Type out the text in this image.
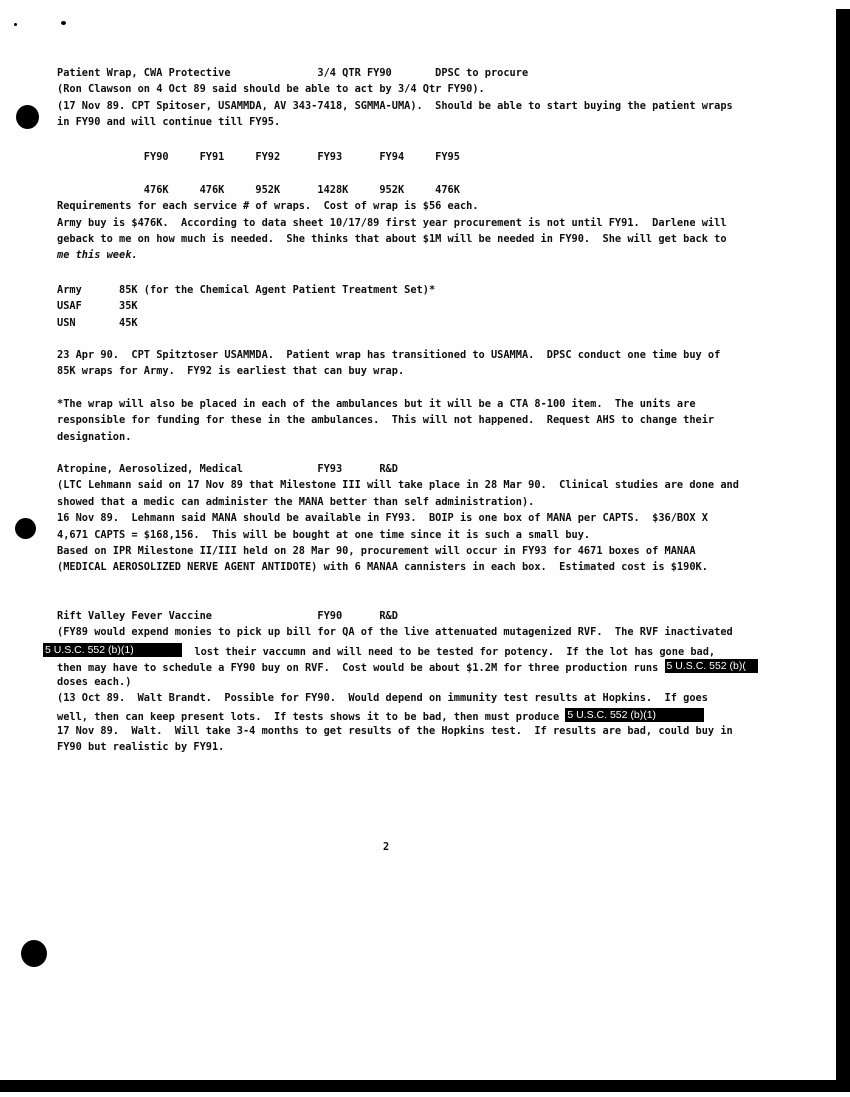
Patient Wrap, CWA Protective              3/4 QTR FY90       DPSC to procure
(Ron Clawson on 4 Oct 89 said should be able to act by 3/4 Qtr FY90).
(17 Nov 89. CPT Spitoser, USAMMDA, AV 343-7418, SGMMA-UMA).  Should be able to start buying the patient wraps
in FY90 and will continue till FY95.
FY90     FY91     FY92      FY93      FY94     FY95
476K     476K     952K      1428K     952K     476K
Requirements for each service # of wraps.  Cost of wrap is $56 each.
Army buy is $476K.  According to data sheet 10/17/89 first year procurement is not until FY91.  Darlene will
geback to me on how much is needed.  She thinks that about $1M will be needed in FY90.  She will get back to
me this week.
Army      85K (for the Chemical Agent Patient Treatment Set)*
USAF      35K
USN       45K
23 Apr 90.  CPT Spitztoser USAMMDA.  Patient wrap has transitioned to USAMMA.  DPSC conduct one time buy of
85K wraps for Army.  FY92 is earliest that can buy wrap.
*The wrap will also be placed in each of the ambulances but it will be a CTA 8-100 item.  The units are
responsible for funding for these in the ambulances.  This will not happened.  Request AHS to change their
designation.
Atropine, Aerosolized, Medical            FY93      R&D
(LTC Lehmann said on 17 Nov 89 that Milestone III will take place in 28 Mar 90.  Clinical studies are done and
showed that a medic can administer the MANA better than self administration).
16 Nov 89.  Lehmann said MANA should be available in FY93.  BOIP is one box of MANA per CAPTS.  $36/BOX X
4,671 CAPTS = $168,156.  This will be bought at one time since it is such a small buy.
Based on IPR Milestone II/III held on 28 Mar 90, procurement will occur in FY93 for 4671 boxes of MANAA
(MEDICAL AEROSOLIZED NERVE AGENT ANTIDOTE) with 6 MANAA cannisters in each box.  Estimated cost is $190K.
Rift Valley Fever Vaccine                 FY90      R&D
(FY89 would expend monies to pick up bill for QA of the live attenuated mutagenized RVF.  The RVF inactivated
5 U.S.C. 552 (b)(1)	lost their vaccumn and will need to be tested for potency.  If the lot has gone bad,
then may have to schedule a FY90 buy on RVF.  Cost would be about $1.2M for three production runs 5 U.S.C. 552 (b)(
doses each.)
(13 Oct 89.  Walt Brandt.  Possible for FY90.  Would depend on immunity test results at Hopkins.  If goes
well, then can keep present lots.  If tests shows it to be bad, then must produce 5 U.S.C. 552 (b)(1)
17 Nov 89.  Walt.  Will take 3-4 months to get results of the Hopkins test.  If results are bad, could buy in
FY90 but realistic by FY91.
2
